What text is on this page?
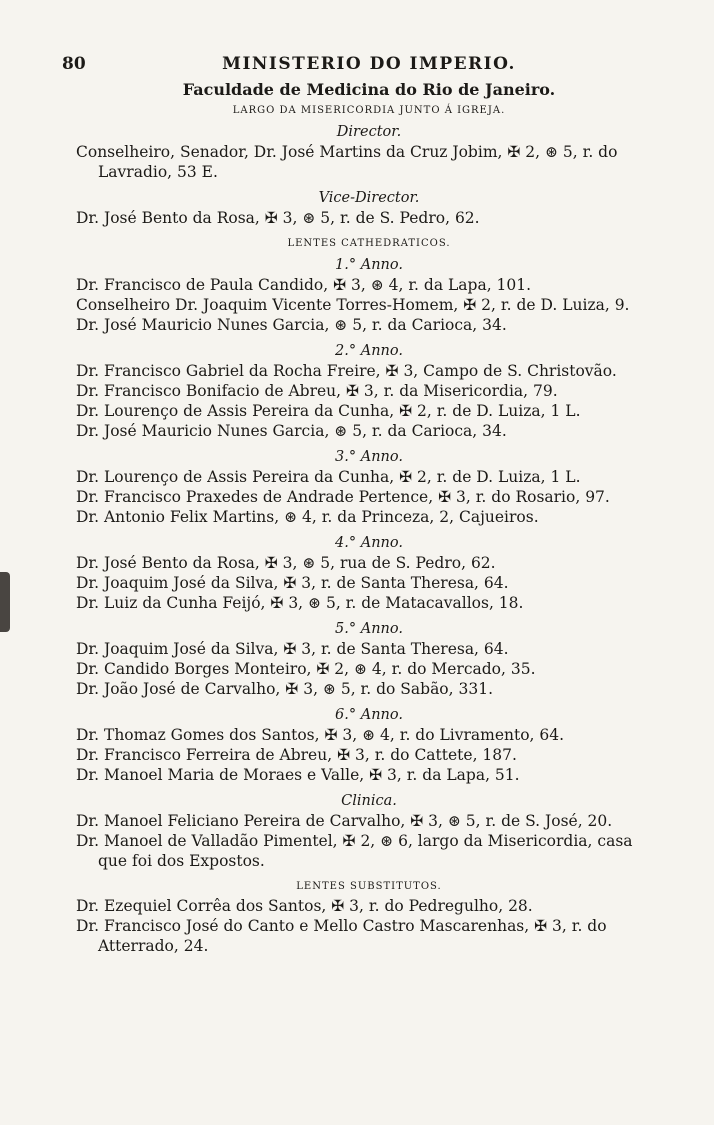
80	MINISTERIO DO IMPERIO.
Faculdade de Medicina do Rio de Janeiro.
LARGO DA MISERICORDIA JUNTO Á IGREJA.
Director.
Conselheiro, Senador, Dr. José Martins da Cruz Jobim, ✠ 2, ⊛ 5, r. do Lavradio, 53 E.
Vice-Director.
Dr. José Bento da Rosa, ✠ 3, ⊛ 5, r. de S. Pedro, 62.
LENTES CATHEDRATICOS.
1.° Anno.
Dr. Francisco de Paula Candido, ✠ 3, ⊛ 4, r. da Lapa, 101.
Conselheiro Dr. Joaquim Vicente Torres-Homem, ✠ 2, r. de D. Luiza, 9.
Dr. José Mauricio Nunes Garcia, ⊛ 5, r. da Carioca, 34.
2.° Anno.
Dr. Francisco Gabriel da Rocha Freire, ✠ 3, Campo de S. Christovão.
Dr. Francisco Bonifacio de Abreu, ✠ 3, r. da Misericordia, 79.
Dr. Lourenço de Assis Pereira da Cunha, ✠ 2, r. de D. Luiza, 1 L.
Dr. José Mauricio Nunes Garcia, ⊛ 5, r. da Carioca, 34.
3.° Anno.
Dr. Lourenço de Assis Pereira da Cunha, ✠ 2, r. de D. Luiza, 1 L.
Dr. Francisco Praxedes de Andrade Pertence, ✠ 3, r. do Rosario, 97.
Dr. Antonio Felix Martins, ⊛ 4, r. da Princeza, 2, Cajueiros.
4.° Anno.
Dr. José Bento da Rosa, ✠ 3, ⊛ 5, rua de S. Pedro, 62.
Dr. Joaquim José da Silva, ✠ 3, r. de Santa Theresa, 64.
Dr. Luiz da Cunha Feijó, ✠ 3, ⊛ 5, r. de Matacavallos, 18.
5.° Anno.
Dr. Joaquim José da Silva, ✠ 3, r. de Santa Theresa, 64.
Dr. Candido Borges Monteiro, ✠ 2, ⊛ 4, r. do Mercado, 35.
Dr. João José de Carvalho, ✠ 3, ⊛ 5, r. do Sabão, 331.
6.° Anno.
Dr. Thomaz Gomes dos Santos, ✠ 3, ⊛ 4, r. do Livramento, 64.
Dr. Francisco Ferreira de Abreu, ✠ 3, r. do Cattete, 187.
Dr. Manoel Maria de Moraes e Valle, ✠ 3, r. da Lapa, 51.
Clinica.
Dr. Manoel Feliciano Pereira de Carvalho, ✠ 3, ⊛ 5, r. de S. José, 20.
Dr. Manoel de Valladão Pimentel, ✠ 2, ⊛ 6, largo da Misericordia, casa que foi dos Expostos.
LENTES SUBSTITUTOS.
Dr. Ezequiel Corrêa dos Santos, ✠ 3, r. do Pedregulho, 28.
Dr. Francisco José do Canto e Mello Castro Mascarenhas, ✠ 3, r. do Atterrado, 24.
